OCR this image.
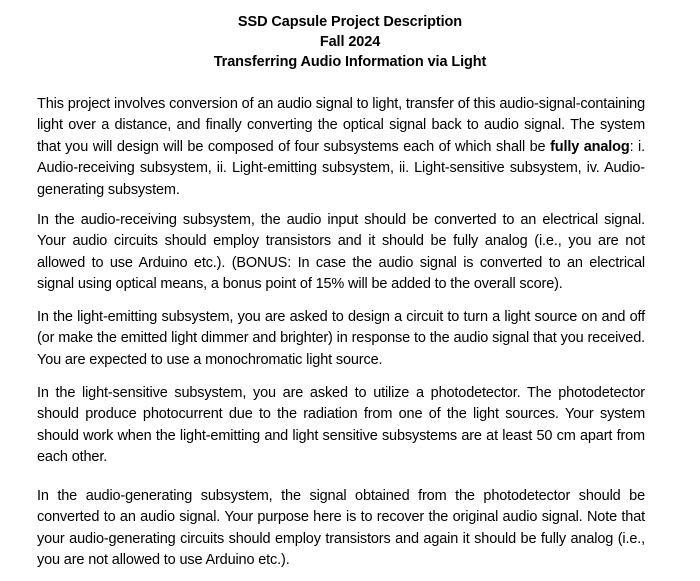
SSD Capsule Project Description
Fall 2024
Transferring Audio Information via Light

This project involves conversion of an audio signal to light, transfer of this audio-signal-containing light over a distance, and finally converting the optical signal back to audio signal. The system that you will design will be composed of four subsystems each of which shall be fully analog: i. Audio-receiving subsystem, ii. Light-emitting subsystem, ii. Light-sensitive subsystem, iv. Audio-generating subsystem.

In the audio-receiving subsystem, the audio input should be converted to an electrical signal. Your audio circuits should employ transistors and it should be fully analog (i.e., you are not allowed to use Arduino etc.). (BONUS: In case the audio signal is converted to an electrical signal using optical means, a bonus point of 15% will be added to the overall score).

In the light-emitting subsystem, you are asked to design a circuit to turn a light source on and off (or make the emitted light dimmer and brighter) in response to the audio signal that you received. You are expected to use a monochromatic light source.

In the light-sensitive subsystem, you are asked to utilize a photodetector. The photodetector should produce photocurrent due to the radiation from one of the light sources. Your system should work when the light-emitting and light sensitive subsystems are at least 50 cm apart from each other.

In the audio-generating subsystem, the signal obtained from the photodetector should be converted to an audio signal. Your purpose here is to recover the original audio signal. Note that your audio-generating circuits should employ transistors and again it should be fully analog (i.e., you are not allowed to use Arduino etc.).
